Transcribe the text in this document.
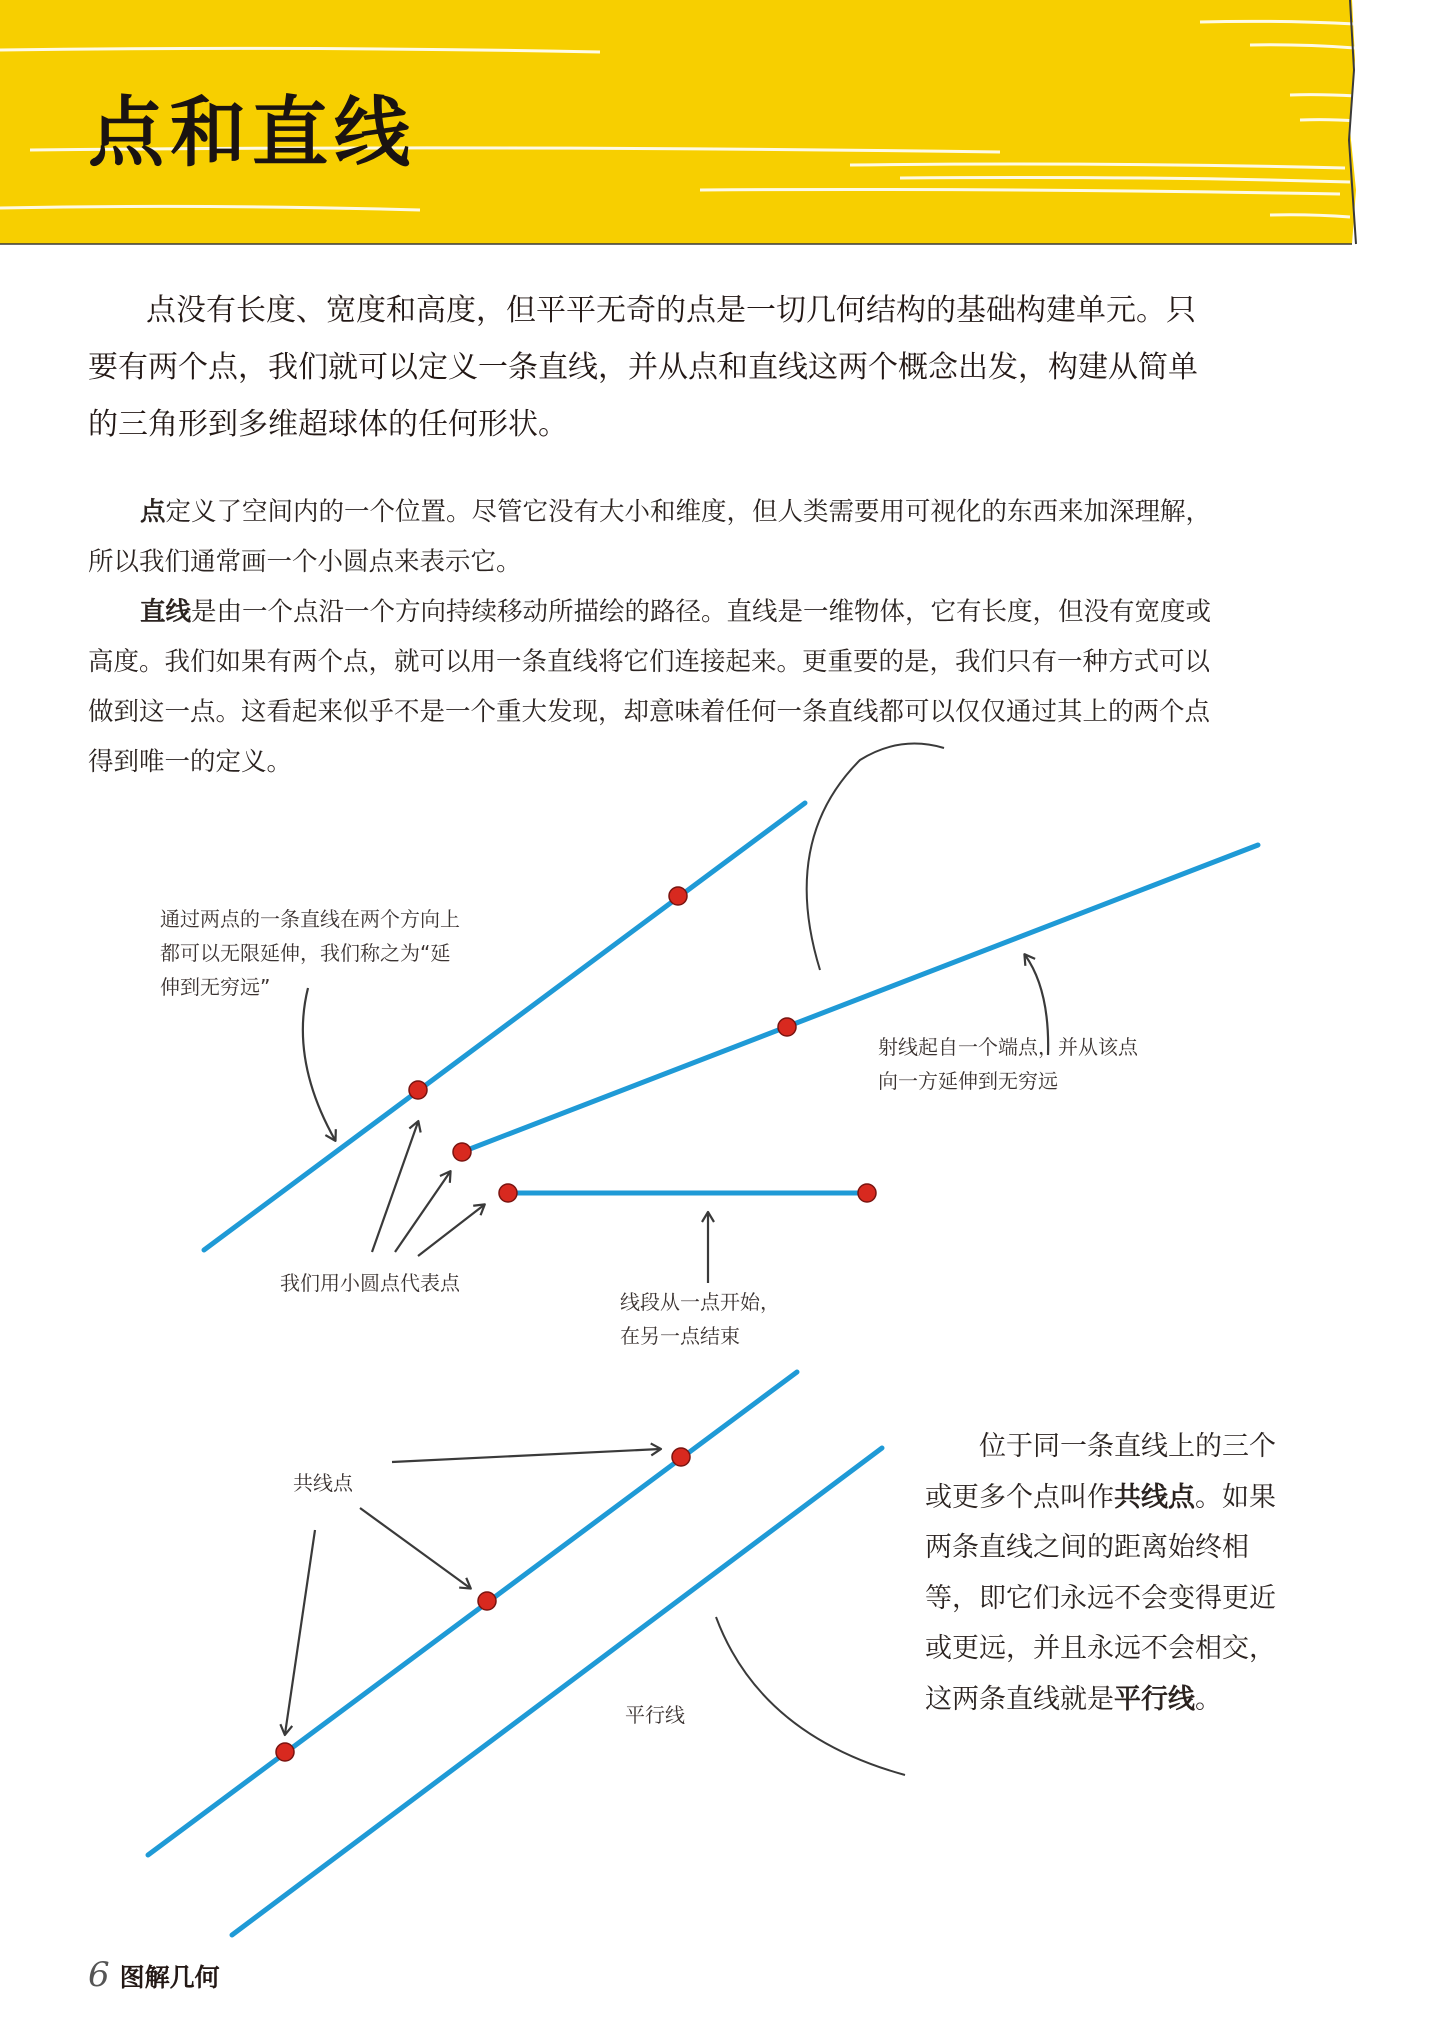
点和直线

点没有长度、宽度和高度，但平平无奇的点是一切几何结构的基础构建单元。只要有两个点，我们就可以定义一条直线，并从点和直线这两个概念出发，构建从简单的三角形到多维超球体的任何形状。

点定义了空间内的一个位置。尽管它没有大小和维度，但人类需要用可视化的东西来加深理解，所以我们通常画一个小圆点来表示它。

直线是由一个点沿一个方向持续移动所描绘的路径。直线是一维物体，它有长度，但没有宽度或高度。我们如果有两个点，就可以用一条直线将它们连接起来。更重要的是，我们只有一种方式可以做到这一点。这看起来似乎不是一个重大发现，却意味着任何一条直线都可以仅仅通过其上的两个点得到唯一的定义。

通过两点的一条直线在两个方向上
都可以无限延伸，我们称之为“延
伸到无穷远”
射线起自一个端点，并从该点
向一方延伸到无穷远
我们用小圆点代表点
线段从一点开始，
在另一点结束
共线点
平行线

位于同一条直线上的三个或更多个点叫作共线点。如果两条直线之间的距离始终相等，即它们永远不会变得更近或更远，并且永远不会相交，这两条直线就是平行线。

6 图解几何
